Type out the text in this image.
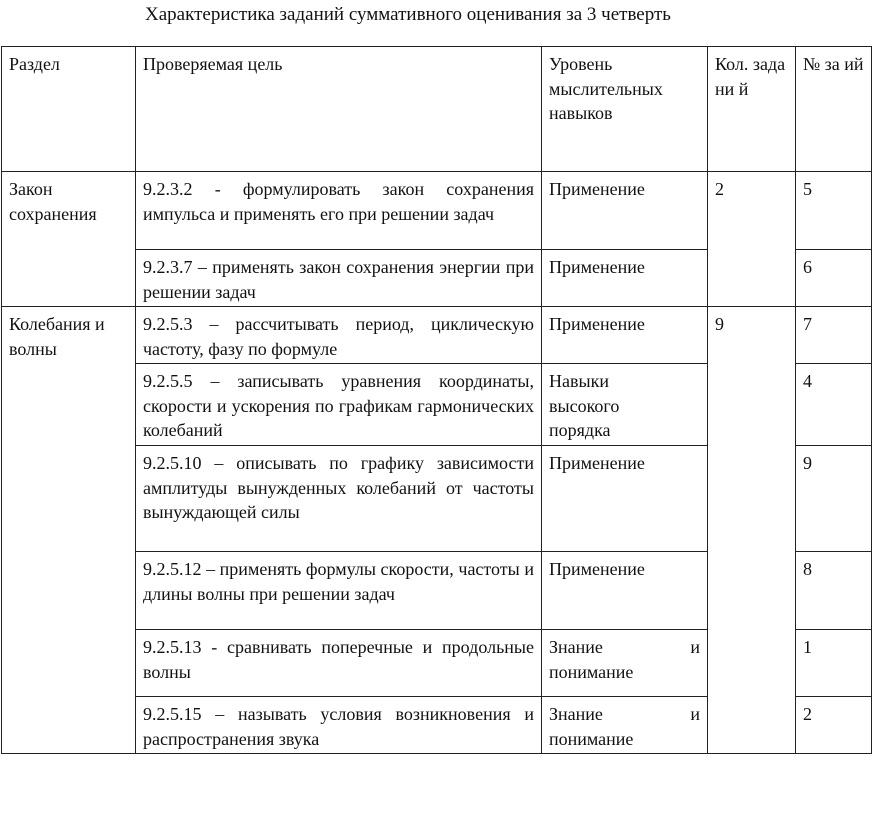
Характеристика заданий суммативного оценивания за 3 четверть
Раздел	Проверяемая цель	Уровень мыслительных навыков	Кол. задани й	№ за ий
Закон сохранения	9.2.3.2 - формулировать закон сохранения импульса и применять его при решении задач	Применение	2	5
	9.2.3.7 – применять закон сохранения энергии при решении задач	Применение		6
Колебания и волны	9.2.5.3 – рассчитывать период, циклическую частоту, фазу по формуле	Применение	9	7
	9.2.5.5 – записывать уравнения координаты, скорости и ускорения по графикам гармонических колебаний	Навыки высокого порядка		4
	9.2.5.10 – описывать по графику зависимости амплитуды вынужденных колебаний от частоты вынуждающей силы	Применение		9
	9.2.5.12 – применять формулы скорости, частоты и длины волны при решении задач	Применение		8
	9.2.5.13 - сравнивать поперечные и продольные волны	Знание и понимание		1
	9.2.5.15 – называть условия возникновения и распространения звука	Знание и понимание		2
